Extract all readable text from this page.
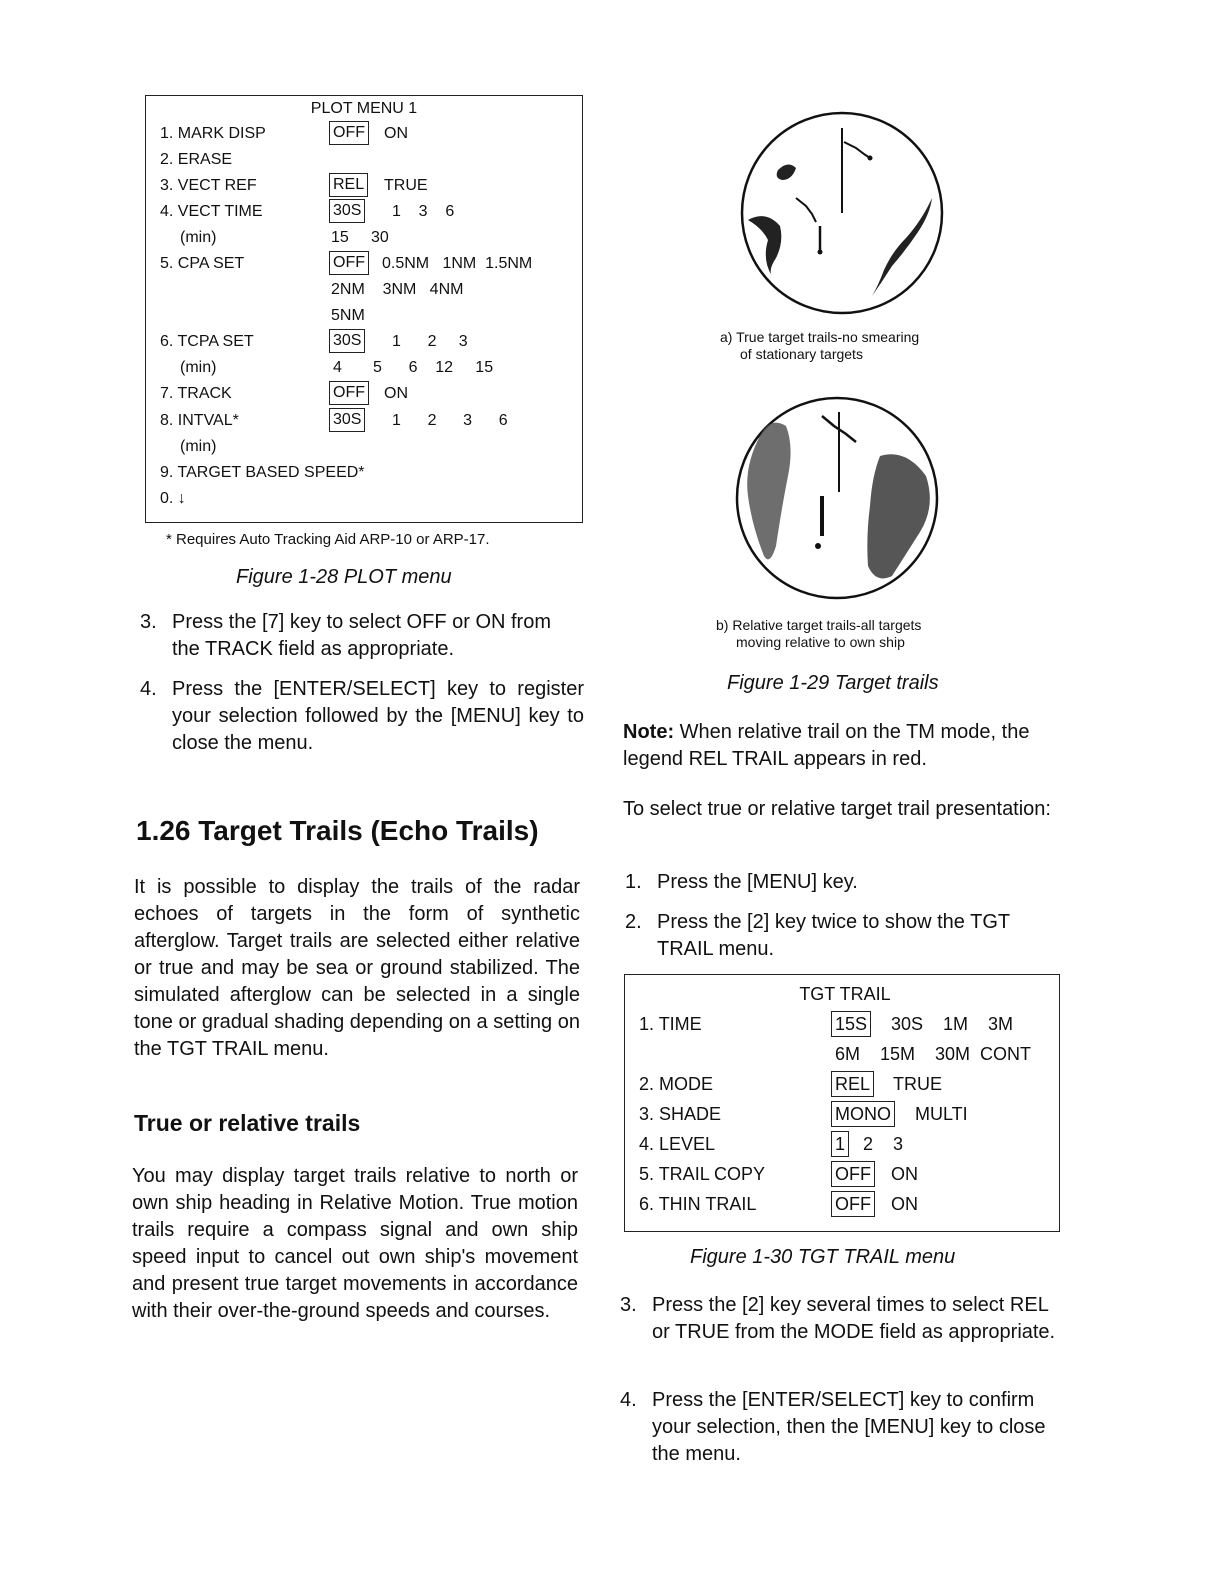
PLOT MENU 1
1. MARK DISP	OFF ON
2. ERASE
3. VECT REF	REL TRUE
4. VECT TIME	30S 1    3    6
(min)	15     30
5. CPA SET	OFF 0.5NM   1NM  1.5NM
2NM    3NM   4NM
5NM
6. TCPA SET	30S 1      2     3
(min)	4       5      6    12     15
7. TRACK	OFF ON
8. INTVAL*	30S 1      2      3      6
(min)
9. TARGET BASED SPEED*
0. ↓
* Requires Auto Tracking Aid ARP-10 or ARP-17.
Figure 1-28 PLOT menu
3. Press the [7] key to select OFF or ON from the TRACK field as appropriate.
4. Press the [ENTER/SELECT] key to register your selection followed by the [MENU] key to close the menu.
1.26 Target Trails (Echo Trails)
It is possible to display the trails of the radar echoes of targets in the form of synthetic afterglow. Target trails are selected either relative or true and may be sea or ground stabilized. The simulated afterglow can be selected in a single tone or gradual shading depending on a setting on the TGT TRAIL menu.
True or relative trails
You may display target trails relative to north or own ship heading in Relative Motion. True motion trails require a compass signal and own ship speed input to cancel out own ship's movement and present true target movements in accordance with their over-the-ground speeds and courses.
a) True target trails-no smearing
of stationary targets
b) Relative target trails-all targets
moving relative to own ship
Figure 1-29 Target trails
Note: When relative trail on the TM mode, the legend REL TRAIL appears in red.
To select true or relative target trail presentation:
1. Press the [MENU] key.
2. Press the [2] key twice to show the TGT TRAIL menu.
TGT TRAIL
1. TIME	15S 30S    1M    3M
6M    15M    30M  CONT
2. MODE	REL TRUE
3. SHADE	MONO MULTI
4. LEVEL	1 2    3
5. TRAIL COPY	OFF ON
6. THIN TRAIL	OFF ON
Figure 1-30 TGT TRAIL menu
3. Press the [2] key several times to select REL or TRUE from the MODE field as appropriate.
4. Press the [ENTER/SELECT] key to confirm your selection, then the [MENU] key to close the menu.
